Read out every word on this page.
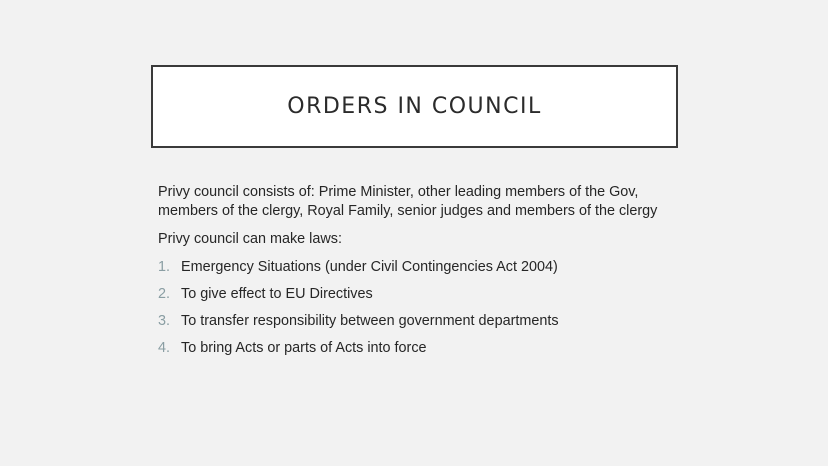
ORDERS IN COUNCIL

Privy council consists of: Prime Minister, other leading members of the Gov, members of the clergy, Royal Family, senior judges and members of the clergy

Privy council can make laws:

1. Emergency Situations (under Civil Contingencies Act 2004)
2. To give effect to EU Directives
3. To transfer responsibility between government departments
4. To bring Acts or parts of Acts into force
